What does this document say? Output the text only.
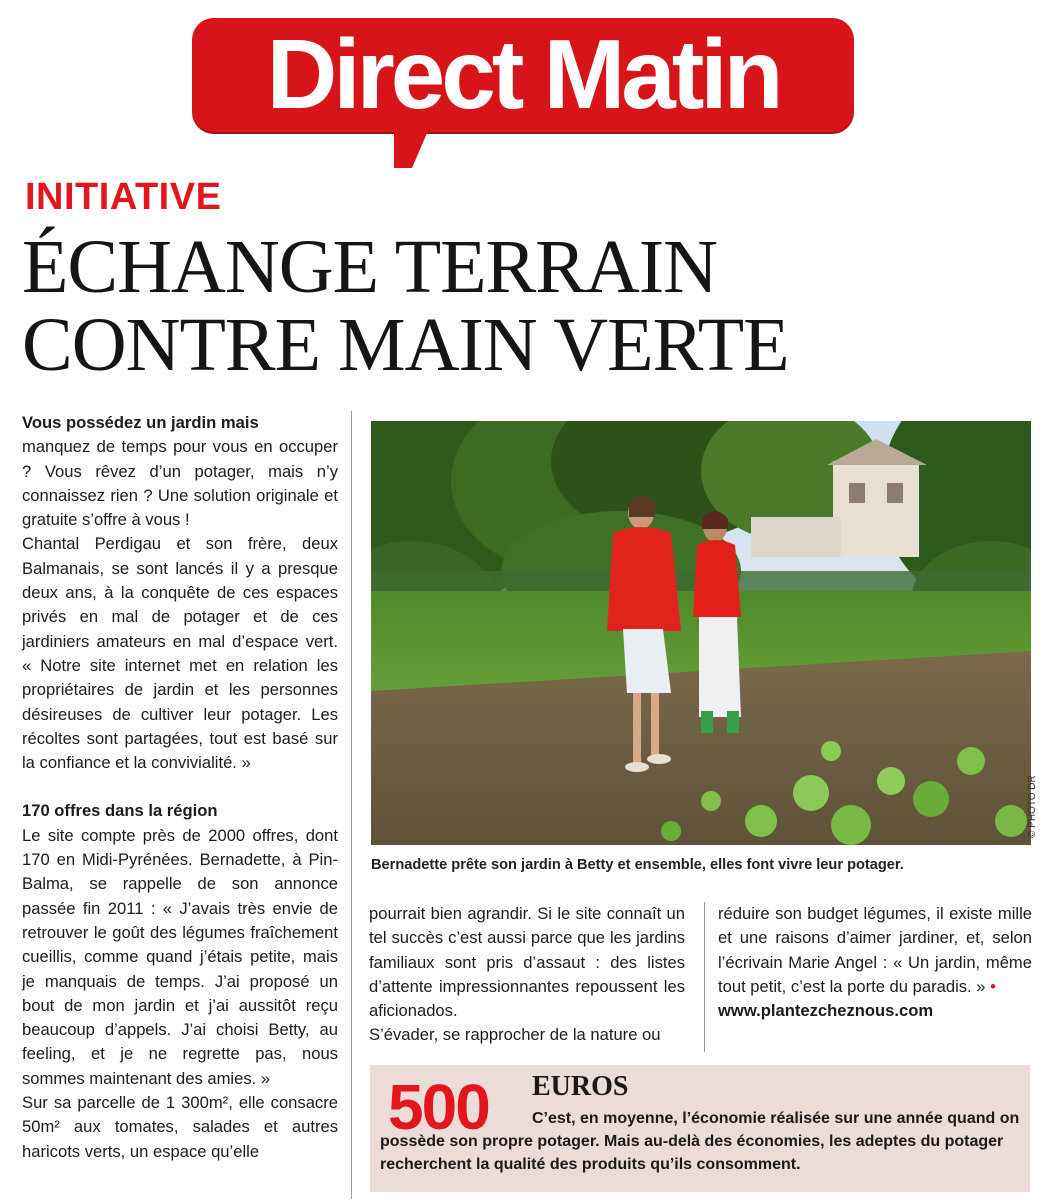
Direct Matin
INITIATIVE
ÉCHANGE TERRAIN
CONTRE MAIN VERTE

Vous possédez un jardin mais

manquez de temps pour vous en occuper ? Vous rêvez d’un potager, mais n’y connaissez rien ? Une solution originale et gratuite s’offre à vous !

Chantal Perdigau et son frère, deux Balmanais, se sont lancés il y a presque deux ans, à la conquête de ces espaces privés en mal de potager et de ces jardiniers amateurs en mal d’espace vert. « Notre site internet met en relation les propriétaires de jardin et les personnes désireuses de cultiver leur potager. Les récoltes sont partagées, tout est basé sur la confiance et la convivialité. »

170 offres dans la région

Le site compte près de 2000 offres, dont 170 en Midi-Pyrénées. Bernadette, à Pin-Balma, se rappelle de son annonce passée fin 2011 : « J’avais très envie de retrouver le goût des légumes fraîchement cueillis, comme quand j’étais petite, mais je manquais de temps. J’ai proposé un bout de mon jardin et j’ai aussitôt reçu beaucoup d’appels. J’ai choisi Betty, au feeling, et je ne regrette pas, nous sommes maintenant des amies. »

Sur sa parcelle de 1 300m², elle consacre 50m² aux tomates, salades et autres haricots verts, un espace qu’elle

© PHOTO DR
Bernadette prête son jardin à Betty et ensemble, elles font vivre leur potager.

pourrait bien agrandir. Si le site connaît un tel succès c’est aussi parce que les jardins familiaux sont pris d’assaut : des listes d’attente impressionnantes repoussent les aficionados.

S’évader, se rapprocher de la nature ou

réduire son budget légumes, il existe mille et une raisons d’aimer jardiner, et, selon l’écrivain Marie Angel : « Un jardin, même tout petit, c’est la porte du paradis. » •

www.plantezcheznous.com

500 EUROS
C’est, en moyenne, l’économie réalisée sur une année quand on possède son propre potager. Mais au-delà des économies, les adeptes du potager recherchent la qualité des produits qu’ils consomment.
